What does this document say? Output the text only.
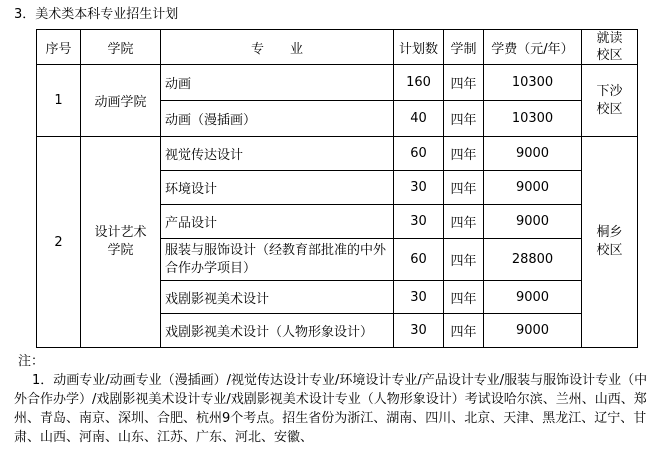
3．美术类本科专业招生计划
序号	学院	专　　业	计划数	学制	学费（元/年）	就读校区
1	动画学院	动画	160	四年	10300	下沙校区
		动画（漫插画）	40	四年	10300	
2	设计艺术学院	视觉传达设计	60	四年	9000	桐乡校区
		环境设计	30	四年	9000	
		产品设计	30	四年	9000	
		服装与服饰设计（经教育部批准的中外合作办学项目）	60	四年	28800	
		戏剧影视美术设计	30	四年	9000	
		戏剧影视美术设计（人物形象设计）	30	四年	9000	
注：
1．动画专业/动画专业（漫插画）/视觉传达设计专业/环境设计专业/产品设计专业/服装与服饰设计专业（中外合作办学）/戏剧影视美术设计专业/戏剧影视美术设计专业（人物形象设计）考试设哈尔滨、兰州、山西、郑州、青岛、南京、深圳、合肥、杭州9个考点。招生省份为浙江、湖南、四川、北京、天津、黑龙江、辽宁、甘肃、山西、河南、山东、江苏、广东、河北、安徽、
